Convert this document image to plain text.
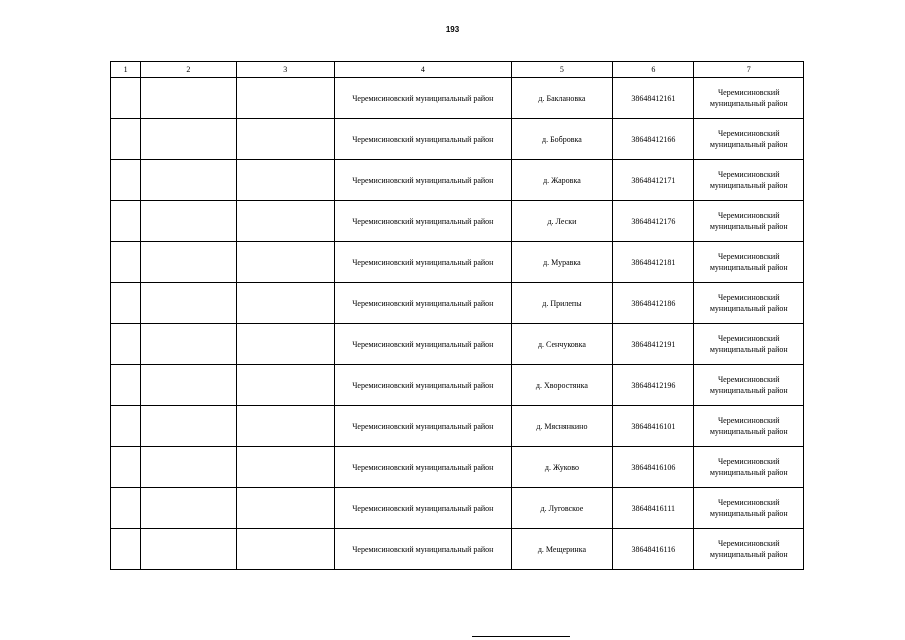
193
1	2	3	4	5	6	7

			Черемисиновский муниципальный район	д. Баклановка	38648412161	Черемисиновский муниципальный район

			Черемисиновский муниципальный район	д. Бобровка	38648412166	Черемисиновский муниципальный район

			Черемисиновский муниципальный район	д. Жаровка	38648412171	Черемисиновский муниципальный район

			Черемисиновский муниципальный район	д. Лески	38648412176	Черемисиновский муниципальный район

			Черемисиновский муниципальный район	д. Муравка	38648412181	Черемисиновский муниципальный район

			Черемисиновский муниципальный район	д. Прилепы	38648412186	Черемисиновский муниципальный район

			Черемисиновский муниципальный район	д. Сенчуковка	38648412191	Черемисиновский муниципальный район

			Черемисиновский муниципальный район	д. Хворостянка	38648412196	Черемисиновский муниципальный район

			Черемисиновский муниципальный район	д. Мяснянкино	38648416101	Черемисиновский муниципальный район

			Черемисиновский муниципальный район	д. Жуково	38648416106	Черемисиновский муниципальный район

			Черемисиновский муниципальный район	д. Луговское	38648416111	Черемисиновский муниципальный район

			Черемисиновский муниципальный район	д. Мещеринка	38648416116	Черемисиновский муниципальный район
